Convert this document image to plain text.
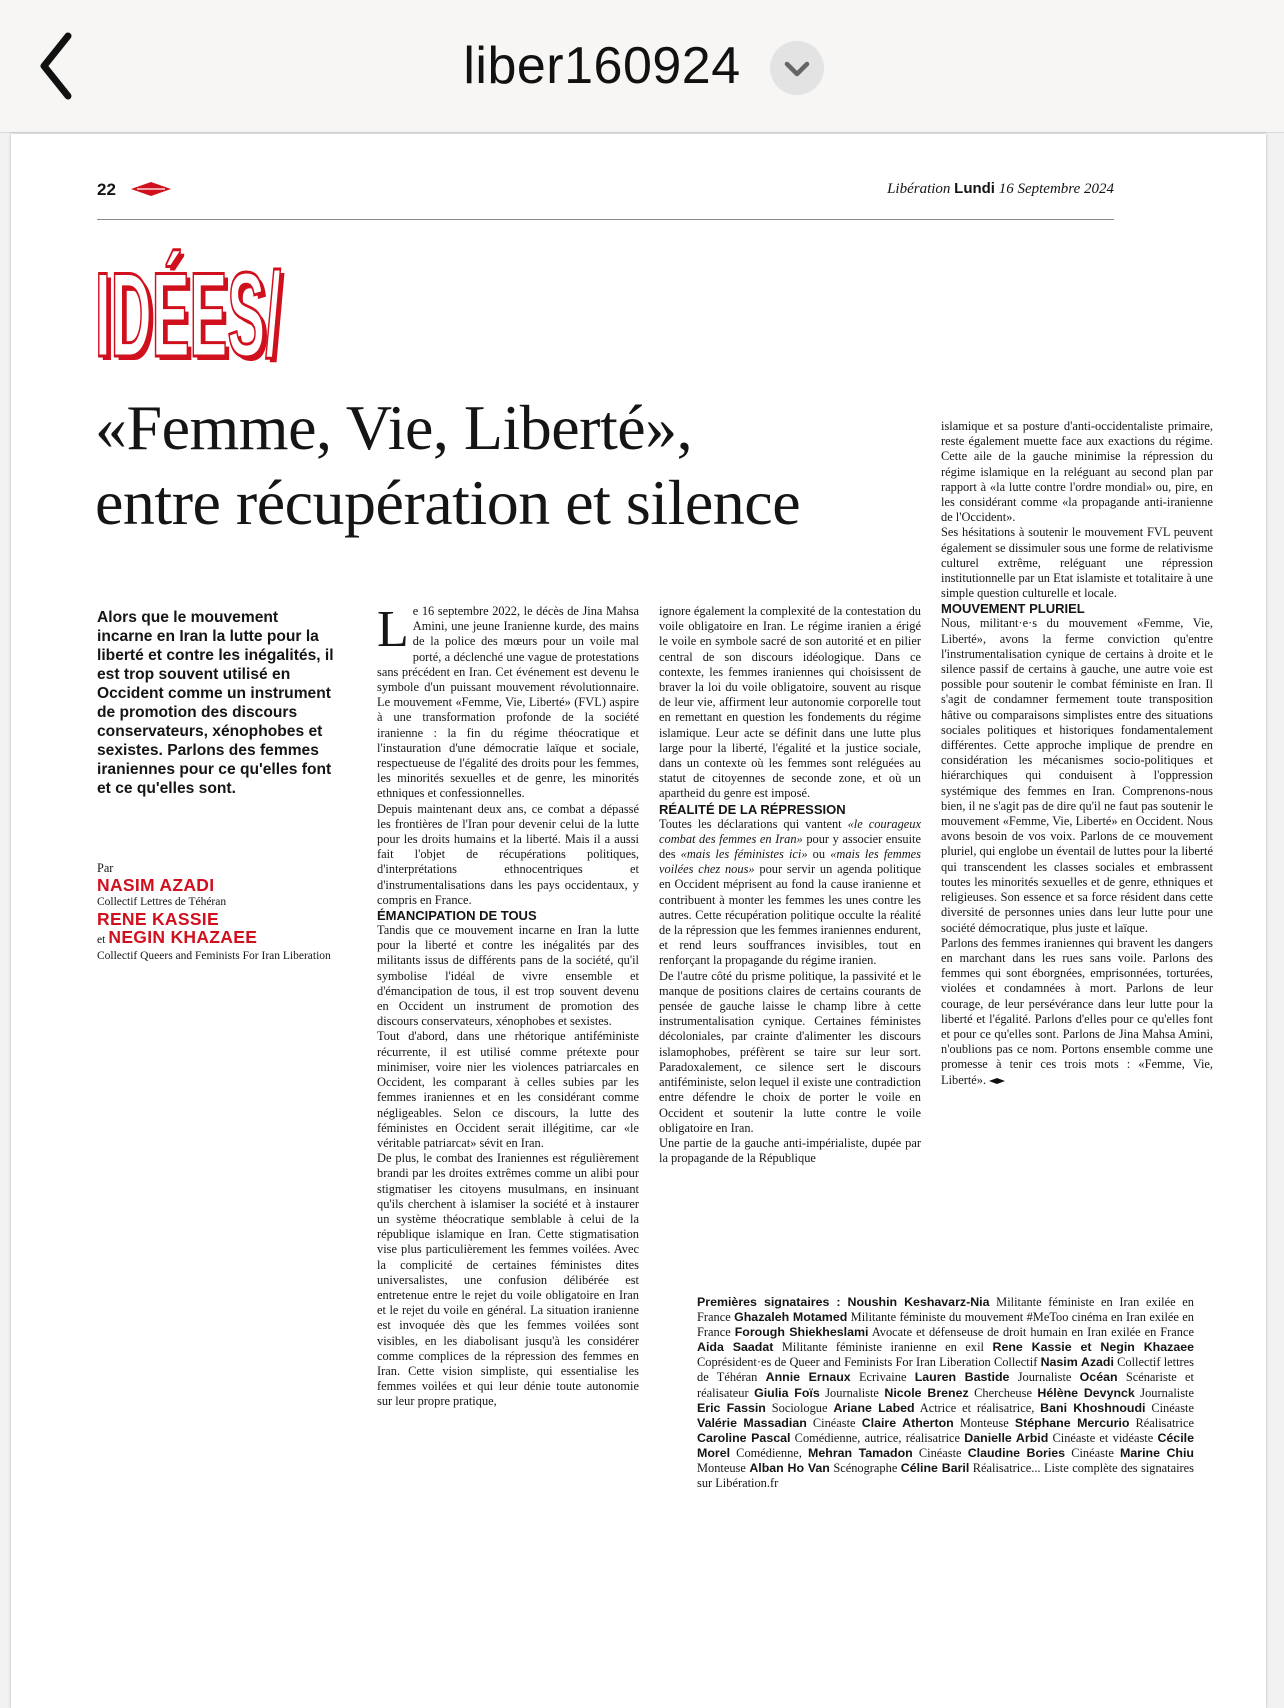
liber160924
22	Libération Lundi 16 Septembre 2024
IDÉES/
IDÉES/
«Femme, Vie, Liberté»,
entre récupération et silence
Alors que le mouvement incarne en Iran la lutte pour la liberté et contre les inégalités, il est trop souvent utilisé en Occident comme un instrument de promotion des discours conservateurs, xénophobes et sexistes. Parlons des femmes iraniennes pour ce qu'elles font et ce qu'elles sont.
Par
NASIM AZADI
Collectif Lettres de Téhéran
RENE KASSIE
et NEGIN KHAZAEE
Collectif Queers and Feminists For Iran Liberation

Le 16 septembre 2022, le décès de Jina Mahsa Amini, une jeune Iranienne kurde, des mains de la police des mœurs pour un voile mal porté, a déclenché une vague de protestations sans précédent en Iran. Cet événement est devenu le symbole d'un puissant mouvement révolutionnaire. Le mouvement «Femme, Vie, Liberté» (FVL) aspire à une transformation profonde de la société iranienne : la fin du régime théocratique et l'instauration d'une démocratie laïque et sociale, respectueuse de l'égalité des droits pour les femmes, les minorités sexuelles et de genre, les minorités ethniques et confessionnelles.

Depuis maintenant deux ans, ce combat a dépassé les frontières de l'Iran pour devenir celui de la lutte pour les droits humains et la liberté. Mais il a aussi fait l'objet de récupérations politiques, d'interprétations ethnocentriques et d'instrumentalisations dans les pays occidentaux, y compris en France.

ÉMANCIPATION DE TOUS

Tandis que ce mouvement incarne en Iran la lutte pour la liberté et contre les inégalités par des militants issus de différents pans de la société, qu'il symbolise l'idéal de vivre ensemble et d'émancipation de tous, il est trop souvent devenu en Occident un instrument de promotion des discours conservateurs, xénophobes et sexistes.

Tout d'abord, dans une rhétorique antiféministe récurrente, il est utilisé comme prétexte pour minimiser, voire nier les violences patriarcales en Occident, les comparant à celles subies par les femmes iraniennes et en les considérant comme négligeables. Selon ce discours, la lutte des féministes en Occident serait illégitime, car «le véritable patriarcat» sévit en Iran.

De plus, le combat des Iraniennes est régulièrement brandi par les droites extrêmes comme un alibi pour stigmatiser les citoyens musulmans, en insinuant qu'ils cherchent à islamiser la société et à instaurer un système théocratique semblable à celui de la république islamique en Iran. Cette stigmatisation vise plus particulièrement les femmes voilées. Avec la complicité de certaines féministes dites universalistes, une confusion délibérée est entretenue entre le rejet du voile obligatoire en Iran et le rejet du voile en général. La situation iranienne est invoquée dès que les femmes voilées sont visibles, en les diabolisant jusqu'à les considérer comme complices de la répression des femmes en Iran. Cette vision simpliste, qui essentialise les femmes voilées et qui leur dénie toute autonomie sur leur propre pratique,

ignore également la complexité de la contestation du voile obligatoire en Iran. Le régime iranien a érigé le voile en symbole sacré de son autorité et en pilier central de son discours idéologique. Dans ce contexte, les femmes iraniennes qui choisissent de braver la loi du voile obligatoire, souvent au risque de leur vie, affirment leur autonomie corporelle tout en remettant en question les fondements du régime islamique. Leur acte se définit dans une lutte plus large pour la liberté, l'égalité et la justice sociale, dans un contexte où les femmes sont reléguées au statut de citoyennes de seconde zone, et où un apartheid du genre est imposé.

RÉALITÉ DE LA RÉPRESSION

Toutes les déclarations qui vantent «le courageux combat des femmes en Iran» pour y associer ensuite des «mais les féministes ici» ou «mais les femmes voilées chez nous» pour servir un agenda politique en Occident méprisent au fond la cause iranienne et contribuent à monter les femmes les unes contre les autres. Cette récupération politique occulte la réalité de la répression que les femmes iraniennes endurent, et rend leurs souffrances invisibles, tout en renforçant la propagande du régime iranien.

De l'autre côté du prisme politique, la passivité et le manque de positions claires de certains courants de pensée de gauche laisse le champ libre à cette instrumentalisation cynique. Certaines féministes décoloniales, par crainte d'alimenter les discours islamophobes, préfèrent se taire sur leur sort. Paradoxalement, ce silence sert le discours antiféministe, selon lequel il existe une contradiction entre défendre le choix de porter le voile en Occident et soutenir la lutte contre le voile obligatoire en Iran.

Une partie de la gauche anti-impérialiste, dupée par la propagande de la République

islamique et sa posture d'anti-occidentaliste primaire, reste également muette face aux exactions du régime. Cette aile de la gauche minimise la répression du régime islamique en la reléguant au second plan par rapport à «la lutte contre l'ordre mondial» ou, pire, en les considérant comme «la propagande anti-iranienne de l'Occident».

Ses hésitations à soutenir le mouvement FVL peuvent également se dissimuler sous une forme de relativisme culturel extrême, reléguant une répression institutionnelle par un Etat islamiste et totalitaire à une simple question culturelle et locale.

MOUVEMENT PLURIEL

Nous, militant·e·s du mouvement «Femme, Vie, Liberté», avons la ferme conviction qu'entre l'instrumentalisation cynique de certains à droite et le silence passif de certains à gauche, une autre voie est possible pour soutenir le combat féministe en Iran. Il s'agit de condamner fermement toute transposition hâtive ou comparaisons simplistes entre des situations sociales politiques et historiques fondamentalement différentes. Cette approche implique de prendre en considération les mécanismes socio-politiques et hiérarchiques qui conduisent à l'oppression systémique des femmes en Iran. Comprenons-nous bien, il ne s'agit pas de dire qu'il ne faut pas soutenir le mouvement «Femme, Vie, Liberté» en Occident. Nous avons besoin de vos voix. Parlons de ce mouvement pluriel, qui englobe un éventail de luttes pour la liberté qui transcendent les classes sociales et embrassent toutes les minorités sexuelles et de genre, ethniques et religieuses. Son essence et sa force résident dans cette diversité de personnes unies dans leur lutte pour une société démocratique, plus juste et laïque.

Parlons des femmes iraniennes qui bravent les dangers en marchant dans les rues sans voile. Parlons des femmes qui sont éborgnées, emprisonnées, torturées, violées et condamnées à mort. Parlons de leur courage, de leur persévérance dans leur lutte pour la liberté et l'égalité. Parlons d'elles pour ce qu'elles font et pour ce qu'elles sont. Parlons de Jina Mahsa Amini, n'oublions pas ce nom. Portons ensemble comme une promesse à tenir ces trois mots : «Femme, Vie, Liberté».

Premières signataires : Noushin Keshavarz-Nia Militante féministe en Iran exilée en France Ghazaleh Motamed Militante féministe du mouvement #MeToo cinéma en Iran exilée en France Forough Shiekheslami Avocate et défenseuse de droit humain en Iran exilée en France Aida Saadat Militante féministe iranienne en exil Rene Kassie et Negin Khazaee Coprésident·es de Queer and Feminists For Iran Liberation Collectif Nasim Azadi Collectif lettres de Téhéran Annie Ernaux Ecrivaine Lauren Bastide Journaliste Océan Scénariste et réalisateur Giulia Foïs Journaliste Nicole Brenez Chercheuse Hélène Devynck Journaliste Eric Fassin Sociologue Ariane Labed Actrice et réalisatrice, Bani Khoshnoudi Cinéaste Valérie Massadian Cinéaste Claire Atherton Monteuse Stéphane Mercurio Réalisatrice Caroline Pascal Comédienne, autrice, réalisatrice Danielle Arbid Cinéaste et vidéaste Cécile Morel Comédienne, Mehran Tamadon Cinéaste Claudine Bories Cinéaste Marine Chiu Monteuse Alban Ho Van Scénographe Céline Baril Réalisatrice... Liste complète des signataires sur Libération.fr
